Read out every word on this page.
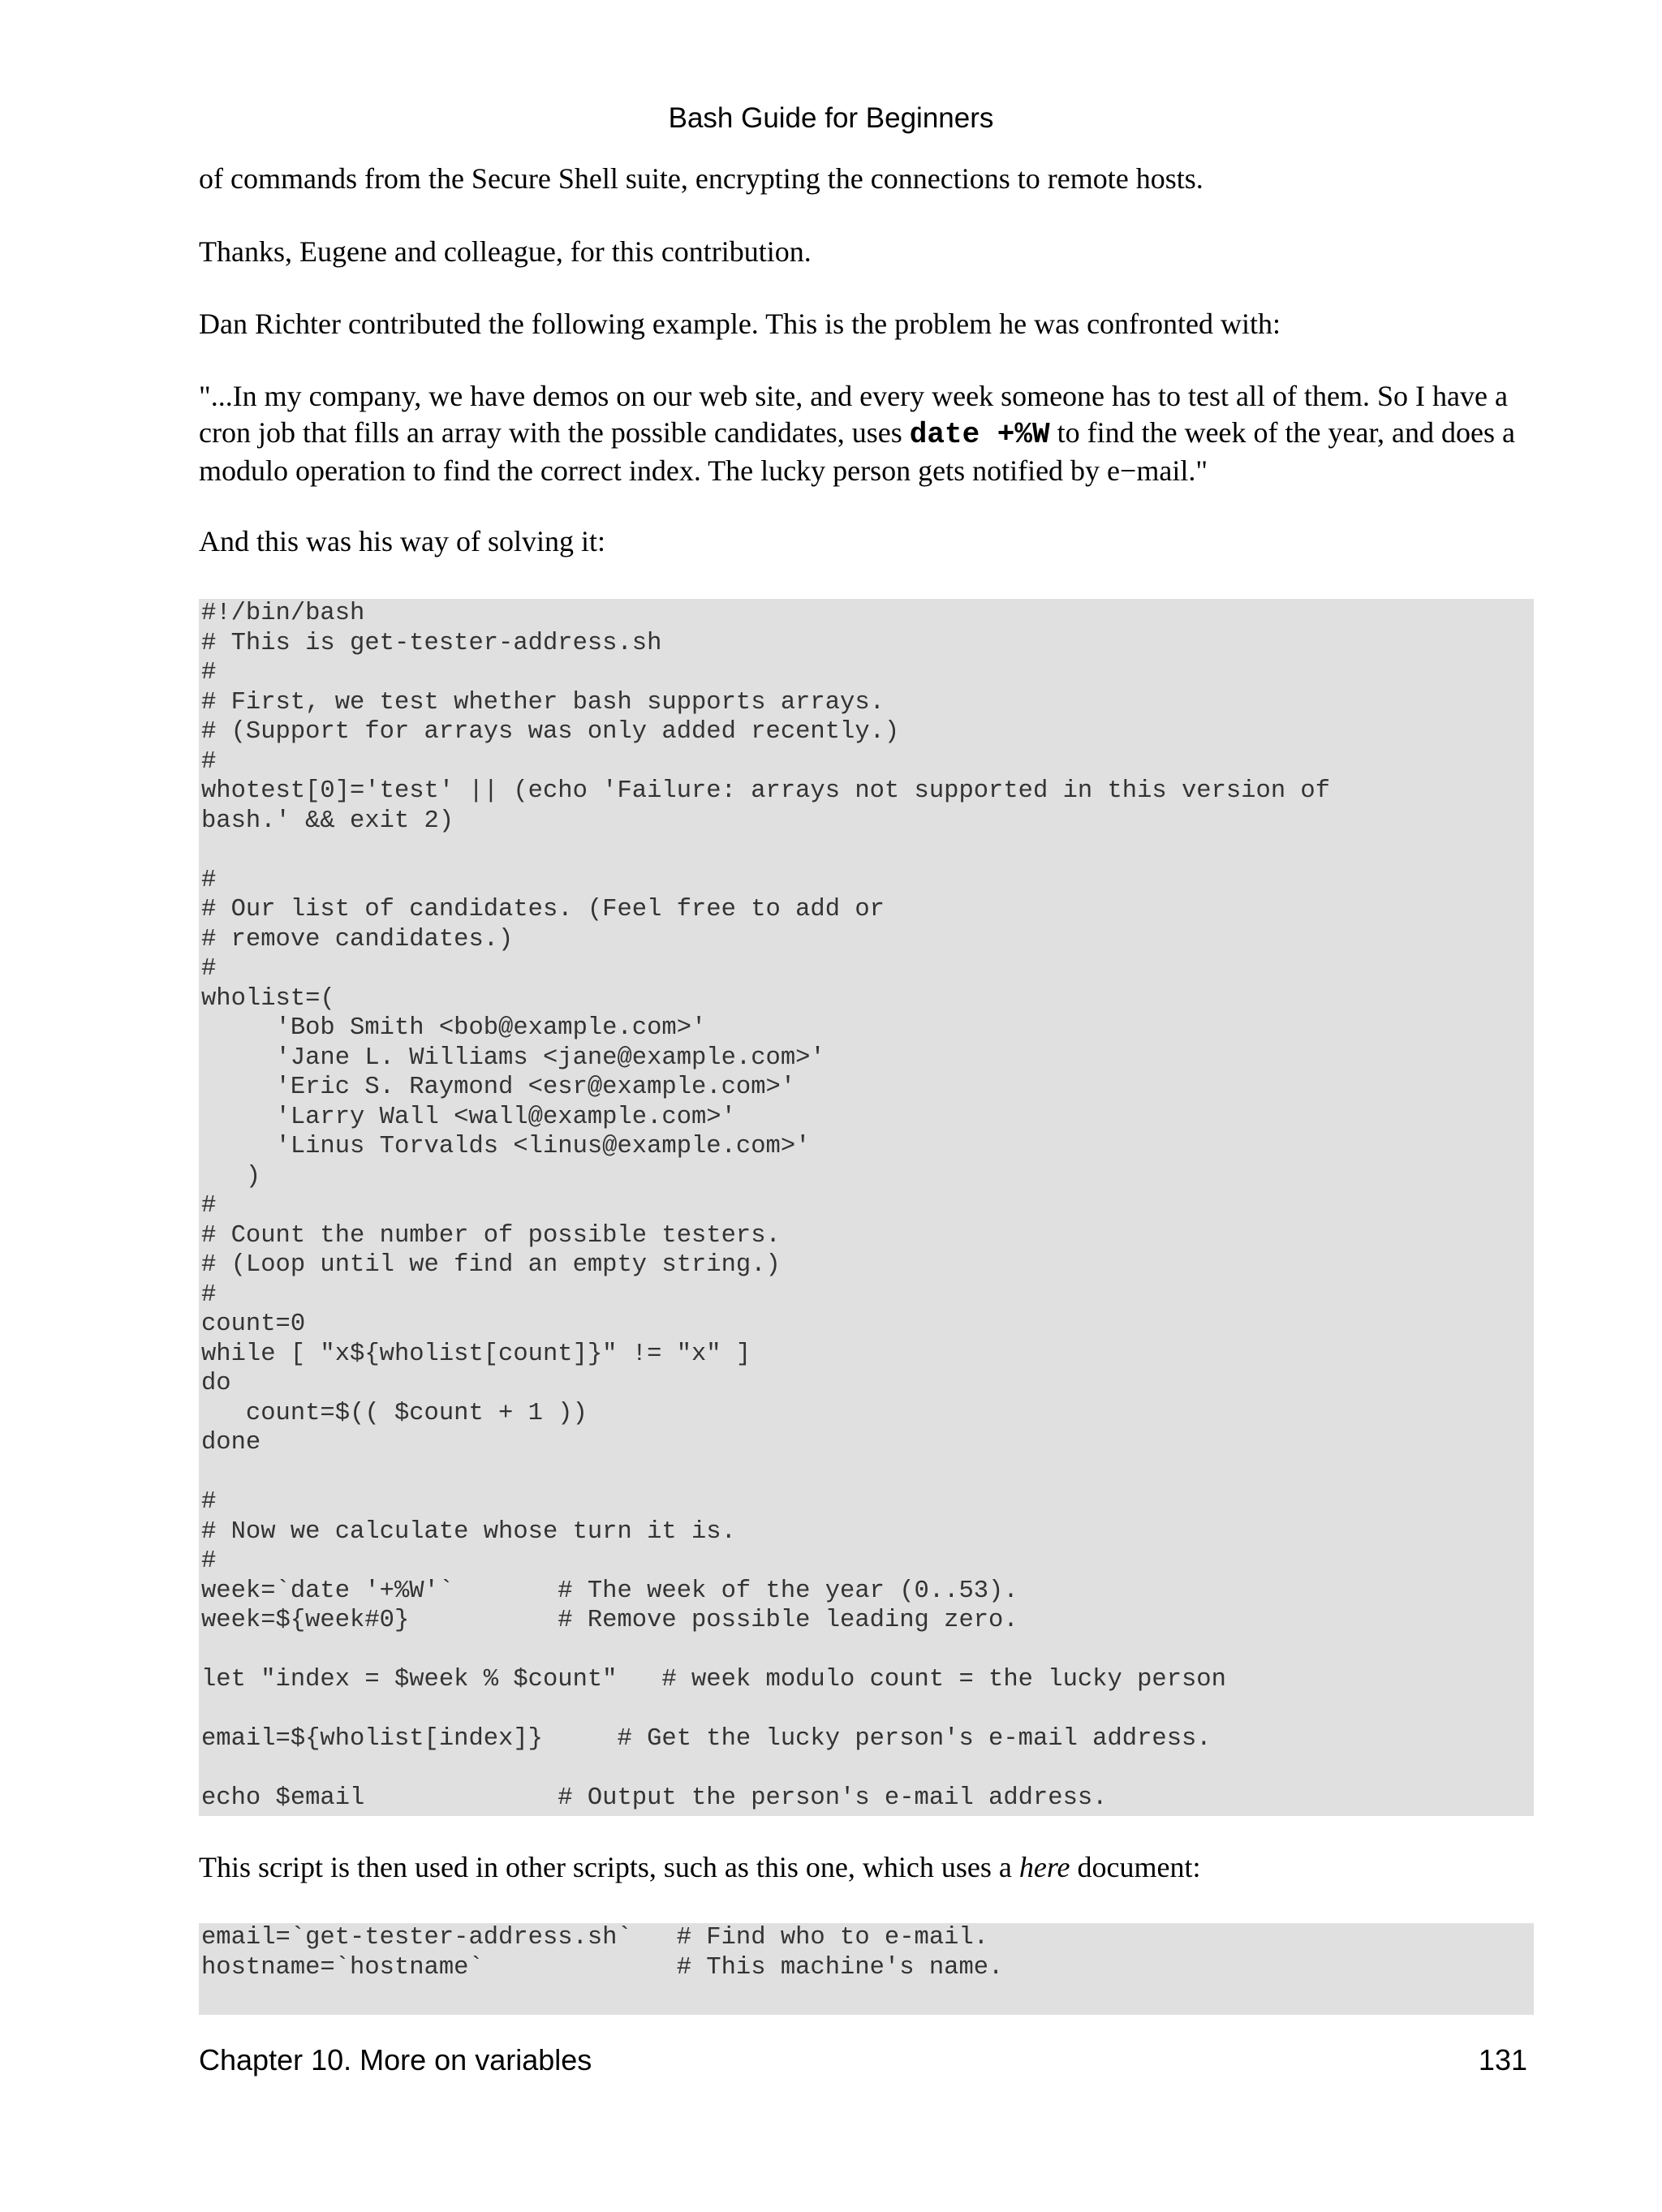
Bash Guide for Beginners

of commands from the Secure Shell suite, encrypting the connections to remote hosts.

Thanks, Eugene and colleague, for this contribution.

Dan Richter contributed the following example. This is the problem he was confronted with:

"...In my company, we have demos on our web site, and every week someone has to test all of them. So I have a cron job that fills an array with the possible candidates, uses date +%W to find the week of the year, and does a modulo operation to find the correct index. The lucky person gets notified by e−mail."

And this was his way of solving it:

#!/bin/bash
# This is get-tester-address.sh
#
# First, we test whether bash supports arrays.
# (Support for arrays was only added recently.)
#
whotest[0]='test' || (echo 'Failure: arrays not supported in this version of
bash.' && exit 2)

#
# Our list of candidates. (Feel free to add or
# remove candidates.)
#
wholist=(
'Bob Smith <bob@example.com>'
'Jane L. Williams <jane@example.com>'
'Eric S. Raymond <esr@example.com>'
'Larry Wall <wall@example.com>'
'Linus Torvalds <linus@example.com>'
)
#
# Count the number of possible testers.
# (Loop until we find an empty string.)
#
count=0
while [ "x${wholist[count]}" != "x" ]
do
count=$(( $count + 1 ))
done

#
# Now we calculate whose turn it is.
#
week=`date '+%W'`       # The week of the year (0..53).
week=${week#0}          # Remove possible leading zero.

let "index = $week % $count"   # week modulo count = the lucky person

email=${wholist[index]}     # Get the lucky person's e-mail address.

echo $email             # Output the person's e-mail address.

This script is then used in other scripts, such as this one, which uses a here document:

email=`get-tester-address.sh`   # Find who to e-mail.
hostname=`hostname`             # This machine's name.

Chapter 10. More on variables	131
